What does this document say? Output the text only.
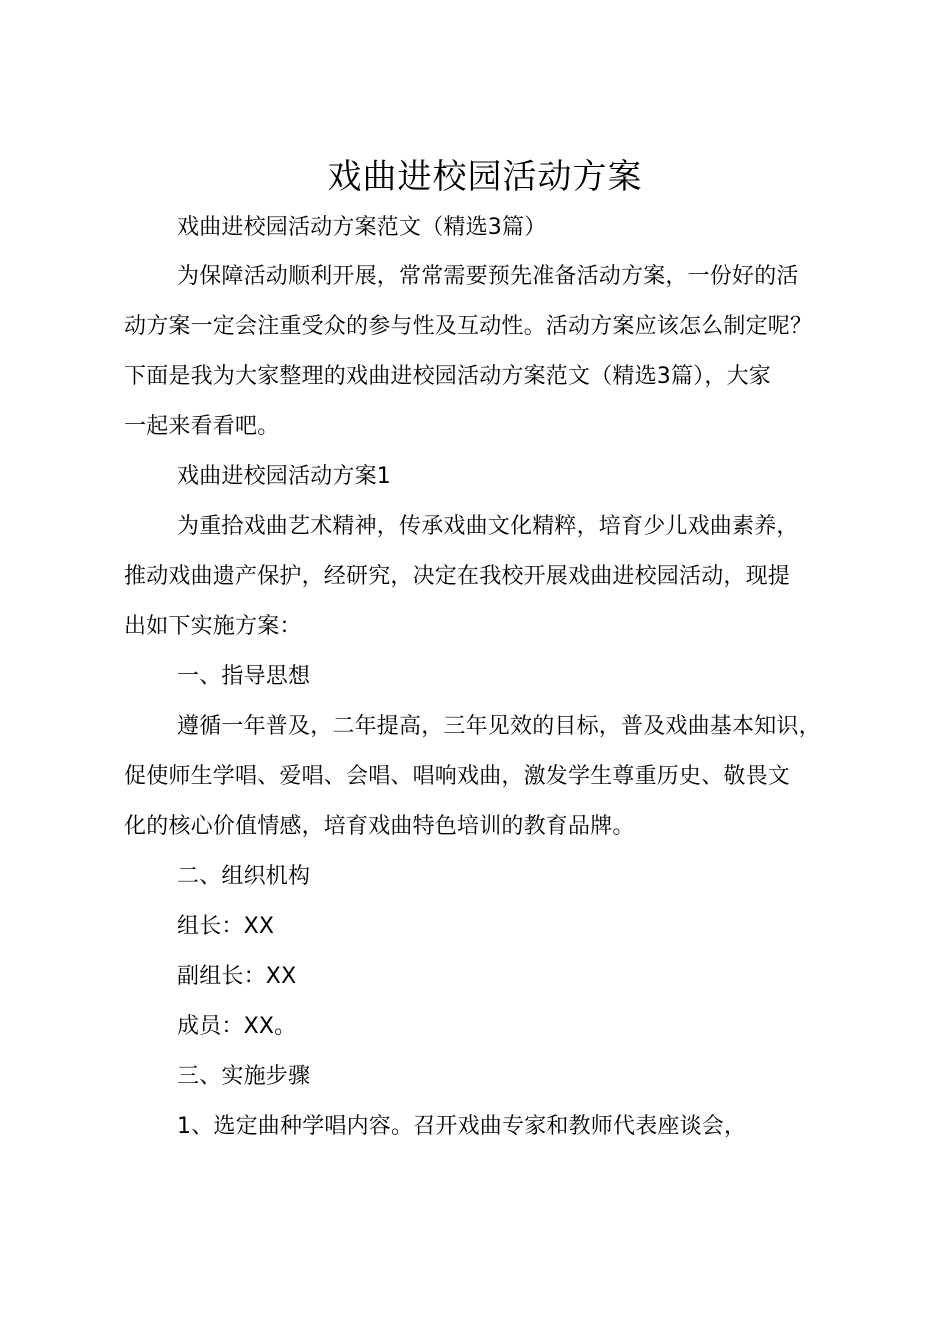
戏曲进校园活动方案
戏曲进校园活动方案范文（精选3篇）
为保障活动顺利开展，常常需要预先准备活动方案，一份好的活
动方案一定会注重受众的参与性及互动性。活动方案应该怎么制定呢？
下面是我为大家整理的戏曲进校园活动方案范文（精选3篇），大家
一起来看看吧。
戏曲进校园活动方案1
为重拾戏曲艺术精神，传承戏曲文化精粹，培育少儿戏曲素养，
推动戏曲遗产保护，经研究，决定在我校开展戏曲进校园活动，现提
出如下实施方案：
一、指导思想
遵循一年普及，二年提高，三年见效的目标，普及戏曲基本知识，
促使师生学唱、爱唱、会唱、唱响戏曲，激发学生尊重历史、敬畏文
化的核心价值情感，培育戏曲特色培训的教育品牌。
二、组织机构
组长：XX
副组长：XX
成员：XX。
三、实施步骤
1、选定曲种学唱内容。召开戏曲专家和教师代表座谈会，
